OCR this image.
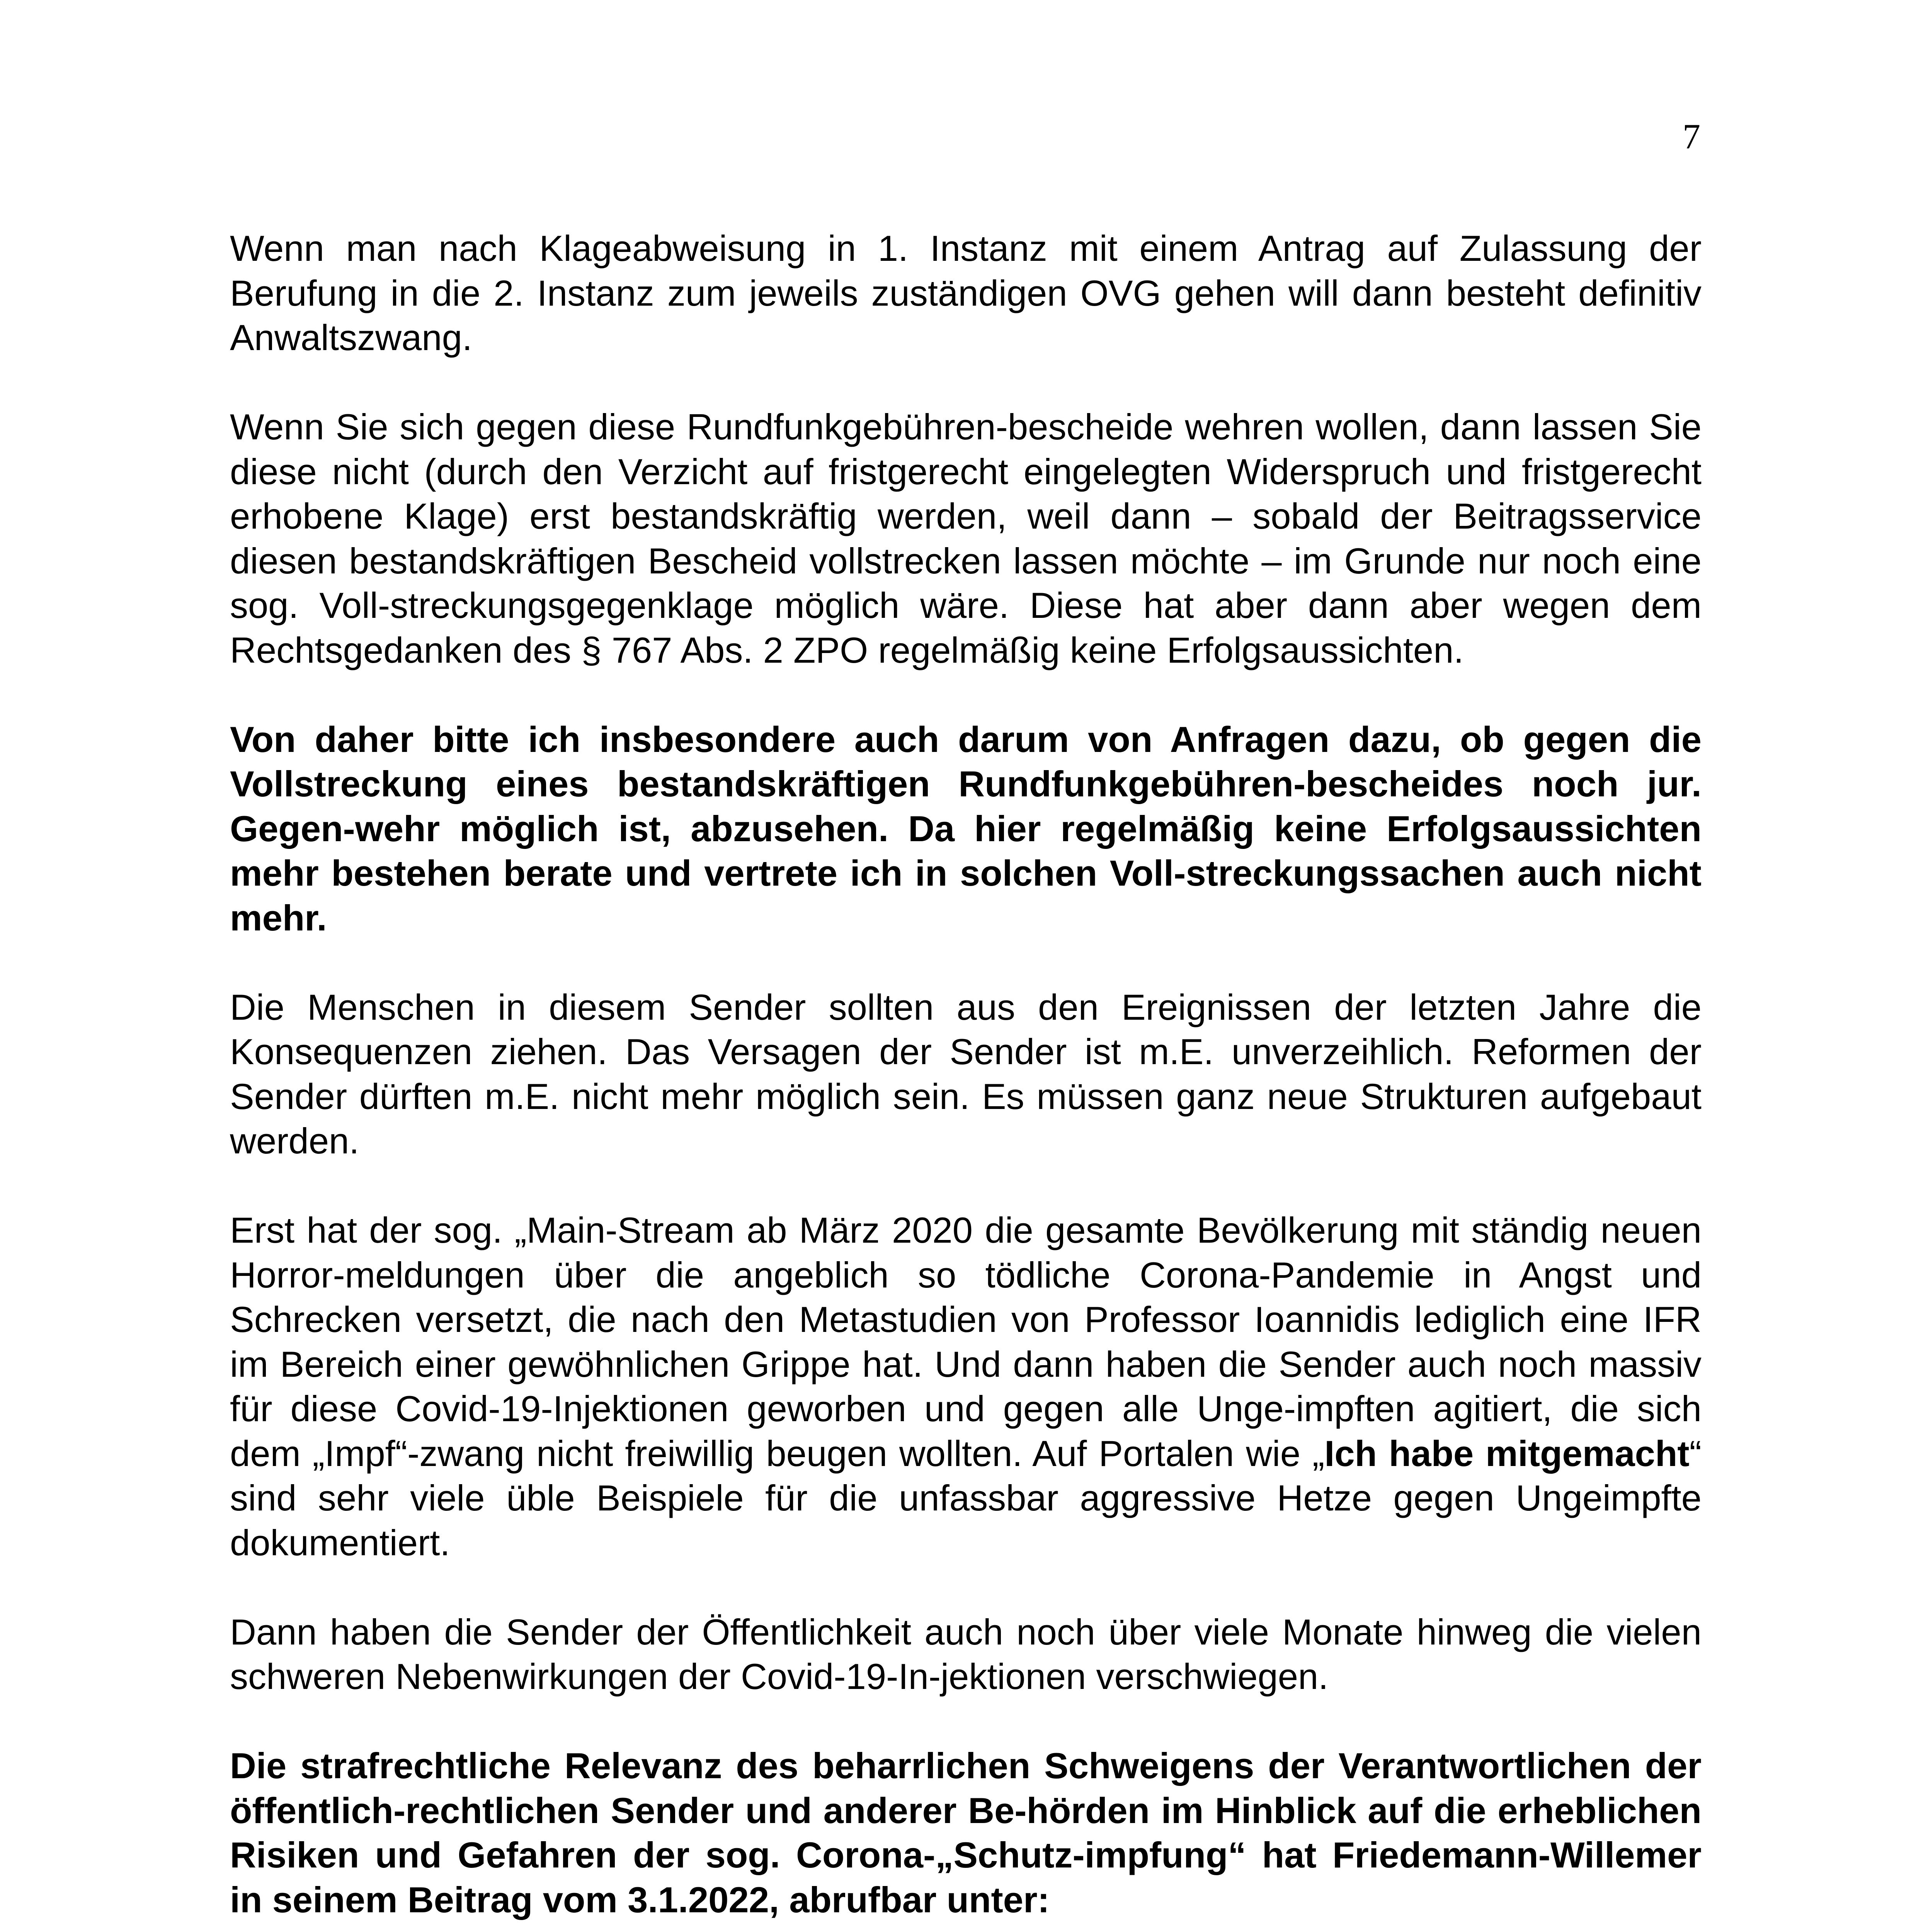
7

Wenn man nach Klageabweisung in 1. Instanz mit einem Antrag auf Zulassung der Berufung in die 2. Instanz zum jeweils zuständigen OVG gehen will dann besteht definitiv Anwaltszwang.

Wenn Sie sich gegen diese Rundfunkgebühren-bescheide wehren wollen, dann lassen Sie diese nicht (durch den Verzicht auf fristgerecht eingelegten Widerspruch und fristgerecht erhobene Klage) erst bestandskräftig werden, weil dann – sobald der Beitragsservice diesen bestandskräftigen Bescheid vollstrecken lassen möchte – im Grunde nur noch eine sog. Voll-streckungsgegenklage möglich wäre. Diese hat aber dann aber wegen dem Rechtsgedanken des § 767 Abs. 2 ZPO regelmäßig keine Erfolgsaussichten.

Von daher bitte ich insbesondere auch darum von Anfragen dazu, ob gegen die Vollstreckung eines bestandskräftigen Rundfunkgebühren-bescheides noch jur. Gegen-wehr möglich ist, abzusehen. Da hier regelmäßig keine Erfolgsaussichten mehr bestehen berate und vertrete ich in solchen Voll-streckungssachen auch nicht mehr.

Die Menschen in diesem Sender sollten aus den Ereignissen der letzten Jahre die Konsequenzen ziehen. Das Versagen der Sender ist m.E. unverzeihlich. Reformen der Sender dürften m.E. nicht mehr möglich sein. Es müssen ganz neue Strukturen aufgebaut werden.

Erst hat der sog. „Main-Stream ab März 2020 die gesamte Bevölkerung mit ständig neuen Horror-meldungen über die angeblich so tödliche Corona-Pandemie in Angst und Schrecken versetzt, die nach den Metastudien von Professor Ioannidis lediglich eine IFR im Bereich einer gewöhnlichen Grippe hat. Und dann haben die Sender auch noch massiv für diese Covid-19-Injektionen geworben und gegen alle Unge-impften agitiert, die sich dem „Impf“-zwang nicht freiwillig beugen wollten. Auf Portalen wie „Ich habe mitgemacht“ sind sehr viele üble Beispiele für die unfassbar aggressive Hetze gegen Ungeimpfte dokumentiert.

Dann haben die Sender der Öffentlichkeit auch noch über viele Monate hinweg die vielen schweren Nebenwirkungen der Covid-19-In-jektionen verschwiegen.

Die strafrechtliche Relevanz des beharrlichen Schweigens der Verantwortlichen der öffentlich-rechtlichen Sender und anderer Be-hörden im Hinblick auf die erheblichen Risiken und Gefahren der sog. Corona-„Schutz-impfung“ hat Friedemann-Willemer in seinem Beitrag vom 3.1.2022, abrufbar unter:
